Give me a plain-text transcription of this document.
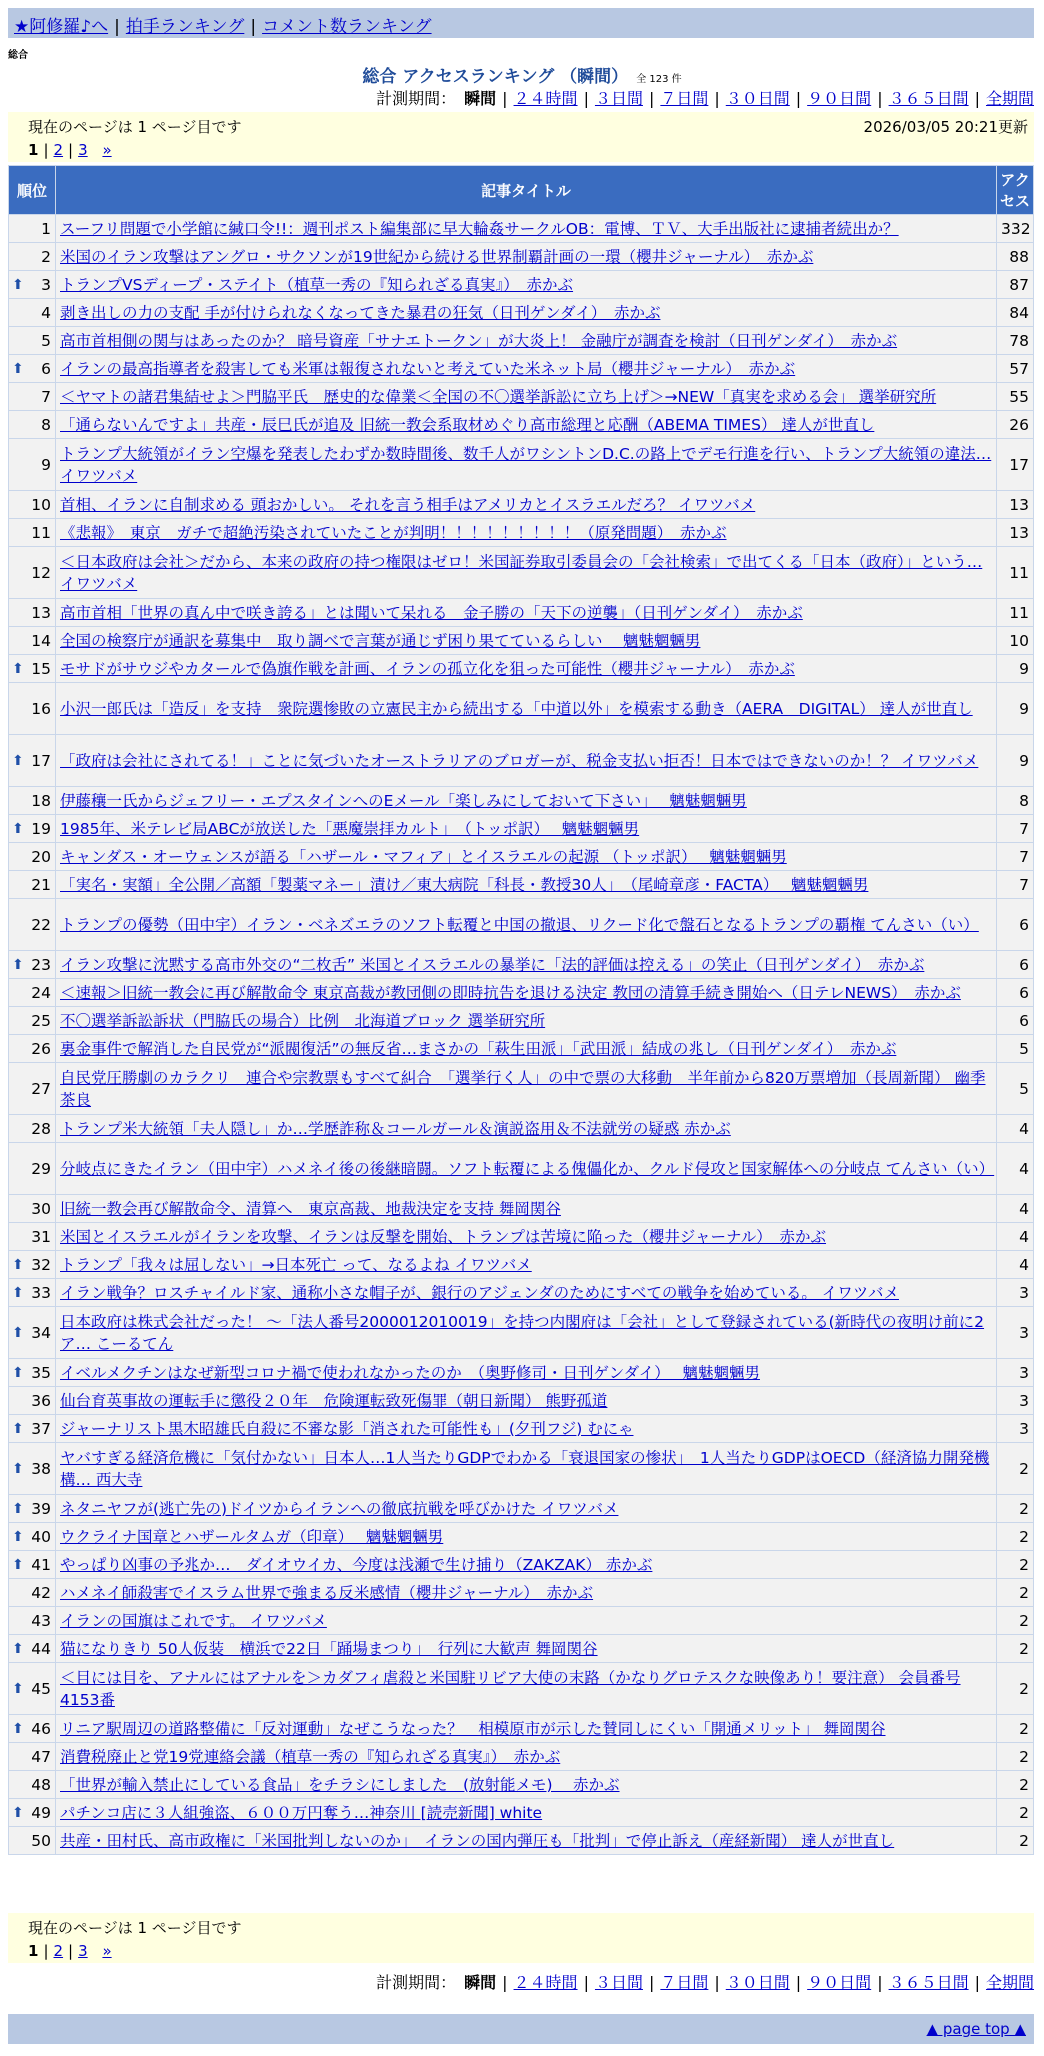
★阿修羅♪へ | 拍手ランキング | コメント数ランキング
総合
総合 アクセスランキング （瞬間） 全 123 件
計測期間： 瞬間 | ２４時間 | ３日間 | ７日間 | ３０日間 | ９０日間 | ３６５日間 | 全期間
現在のページは 1 ページ目です	2026/03/05 20:21更新
1 | 2 | 3 »
順位	記事タイトル	アクセス
1	スーフリ問題で小学館に緘口令!!：週刊ポスト編集部に早大輪姦サークルOB：電博、ＴＶ、大手出版社に逮捕者続出か？	332
2	米国のイラン攻撃はアングロ・サクソンが19世紀から続ける世界制覇計画の一環（櫻井ジャーナル）　赤かぶ	88

⬆ 3	トランプVSディープ・ステイト（植草一秀の『知られざる真実』）　赤かぶ	87
4	剥き出しの力の支配 手が付けられなくなってきた暴君の狂気（日刊ゲンダイ）　赤かぶ	84
5	高市首相側の関与はあったのか？ 暗号資産「サナエトークン」が大炎上！ 金融庁が調査を検討（日刊ゲンダイ）　赤かぶ	78

⬆ 6	イランの最高指導者を殺害しても米軍は報復されないと考えていた米ネット局（櫻井ジャーナル）　赤かぶ	57
7	＜ヤマトの諸君集結せよ＞門脇平氏　歴史的な偉業＜全国の不〇選挙訴訟に立ち上げ＞→NEW「真実を求める会」 選挙研究所	55
8	「通らないんですよ」共産・辰巳氏が追及 旧統一教会系取材めぐり高市総理と応酬（ABEMA TIMES） 達人が世直し	26
9	トランプ大統領がイラン空爆を発表したわずか数時間後、数千人がワシントンD.C.の路上でデモ行進を行い、トランプ大統領の違法… イワツバメ	17
10	首相、イランに自制求める 頭おかしい。 それを言う相手はアメリカとイスラエルだろ？ イワツバメ	13
11	《悲報》　東京　ガチで超絶汚染されていたことが判明！！！！！！！！！（原発問題）　赤かぶ	13
12	＜日本政府は会社＞だから、本来の政府の持つ権限はゼロ！米国証券取引委員会の「会社検索」で出てくる「日本（政府）」という… イワツバメ	11
13	高市首相「世界の真ん中で咲き誇る」とは聞いて呆れる　金子勝の「天下の逆襲」（日刊ゲンダイ）　赤かぶ	11
14	全国の検察庁が通訳を募集中　取り調べで言葉が通じず困り果てているらしい　 魑魅魍魎男	10

⬆ 15	モサドがサウジやカタールで偽旗作戦を計画、イランの孤立化を狙った可能性（櫻井ジャーナル）　赤かぶ	9
16	小沢一郎氏は「造反」を支持　衆院選惨敗の立憲民主から続出する「中道以外」を模索する動き（AERA　DIGITAL） 達人が世直し	9

⬆ 17	「政府は会社にされてる！」ことに気づいたオーストラリアのブロガーが、税金支払い拒否！日本ではできないのか！？ イワツバメ	9
18	伊藤穰一氏からジェフリー・エプスタインへのEメール「楽しみにしておいて下さい」　 魑魅魍魎男	8

⬆ 19	1985年、米テレビ局ABCが放送した「悪魔崇拝カルト」　（トッポ訳）　 魑魅魍魎男	7
20	キャンダス・オーウェンスが語る「ハザール・マフィア」とイスラエルの起源 （トッポ訳）　 魑魅魍魎男	7
21	「実名・実額」全公開／高額「製薬マネー」漬け／東大病院「科長・教授30人」　（尾崎章彦・FACTA）　 魑魅魍魎男	7
22	トランプの優勢（田中宇）イラン・ベネズエラのソフト転覆と中国の撤退、リクード化で盤石となるトランプの覇権 てんさい（い）	6

⬆ 23	イラン攻撃に沈黙する高市外交の“二枚舌” 米国とイスラエルの暴挙に「法的評価は控える」の笑止（日刊ゲンダイ）　赤かぶ	6
24	＜速報＞旧統一教会に再び解散命令 東京高裁が教団側の即時抗告を退ける決定 教団の清算手続き開始へ（日テレNEWS）　赤かぶ	6
25	不〇選挙訴訟訴状（門脇氏の場合）比例　北海道ブロック 選挙研究所	6
26	裏金事件で解消した自民党が“派閥復活”の無反省…まさかの「萩生田派」「武田派」結成の兆し（日刊ゲンダイ）　赤かぶ	5
27	自民党圧勝劇のカラクリ　連合や宗教票もすべて糾合　「選挙行く人」の中で票の大移動　半年前から820万票増加（長周新聞） 幽季 茶良	5
28	トランプ米大統領「夫人隠し」か…学歴詐称＆コールガール＆演説盗用＆不法就労の疑惑 赤かぶ	4
29	分岐点にきたイラン（田中宇）ハメネイ後の後継暗闘。ソフト転覆による傀儡化か、クルド侵攻と国家解体への分岐点 てんさい（い）	4
30	旧統一教会再び解散命令、清算へ　東京高裁、地裁決定を支持 舞岡関谷	4
31	米国とイスラエルがイランを攻撃、イランは反撃を開始、トランプは苦境に陥った（櫻井ジャーナル）　赤かぶ	4

⬆ 32	トランプ「我々は屈しない」→日本死亡 って、なるよね イワツバメ	4

⬆ 33	イラン戦争？ロスチャイルド家、通称小さな帽子が、銀行のアジェンダのためにすべての戦争を始めている。 イワツバメ	3

⬆ 34	日本政府は株式会社だった！ ～「法人番号2000012010019」を持つ内閣府は「会社」として登録されている(新時代の夜明け前に2ア… こーるてん	3

⬆ 35	イベルメクチンはなぜ新型コロナ禍で使われなかったのか　（奥野修司・日刊ゲンダイ）　 魑魅魍魎男	3
36	仙台育英事故の運転手に懲役２０年　危険運転致死傷罪（朝日新聞） 熊野孤道	3

⬆ 37	ジャーナリスト黒木昭雄氏自殺に不審な影「消された可能性も」(夕刊フジ) むにゃ	3

⬆ 38	ヤバすぎる経済危機に「気付かない」日本人…1人当たりGDPでわかる「衰退国家の惨状」　1人当たりGDPはOECD（経済協力開発機構… 西大寺	2

⬆ 39	ネタニヤフが(逃亡先の)ドイツからイランへの徹底抗戦を呼びかけた イワツバメ	2

⬆ 40	ウクライナ国章とハザールタムガ（印章）　 魑魅魍魎男	2

⬆ 41	やっぱり凶事の予兆か…　ダイオウイカ、今度は浅瀬で生け捕り（ZAKZAK） 赤かぶ	2
42	ハメネイ師殺害でイスラム世界で強まる反米感情（櫻井ジャーナル）　赤かぶ	2
43	イランの国旗はこれです。 イワツバメ	2

⬆ 44	猫になりきり 50人仮装　横浜で22日「踊場まつり」　行列に大歓声 舞岡関谷	2

⬆ 45	＜目には目を、アナルにはアナルを＞カダフィ虐殺と米国駐リビア大使の末路（かなりグロテスクな映像あり！要注意） 会員番号4153番	2

⬆ 46	リニア駅周辺の道路整備に「反対運動」なぜこうなった？　相模原市が示した賛同しにくい「開通メリット」 舞岡関谷	2
47	消費税廃止と党19党連絡会議（植草一秀の『知られざる真実』）　赤かぶ	2
48	「世界が輸入禁止にしている食品」をチラシにしました　(放射能メモ)　 赤かぶ	2

⬆ 49	パチンコ店に３人組強盗、６００万円奪う…神奈川 [読売新聞] white	2
50	共産・田村氏、高市政権に「米国批判しないのか」　イランの国内弾圧も「批判」で停止訴え（産経新聞） 達人が世直し	2
現在のページは 1 ページ目です
1 | 2 | 3 »
計測期間： 瞬間 | ２４時間 | ３日間 | ７日間 | ３０日間 | ９０日間 | ３６５日間 | 全期間
▲ page top ▲
